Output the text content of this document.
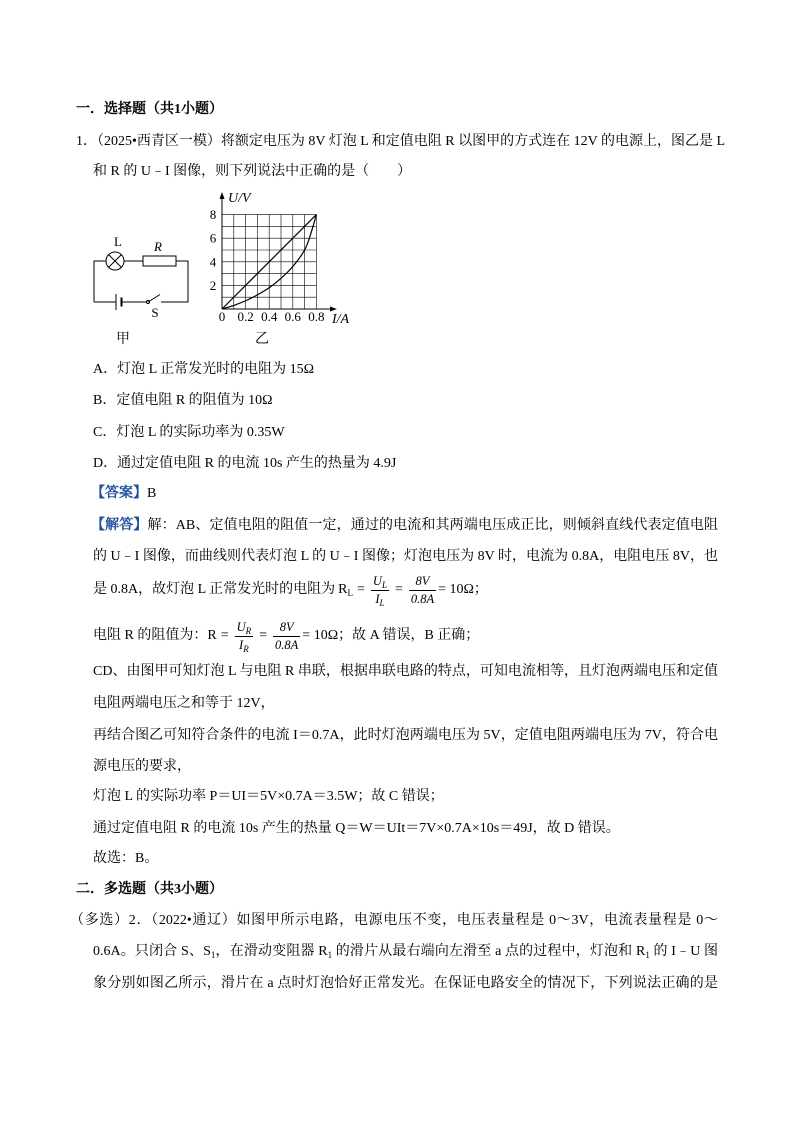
一．选择题（共1小题）
1．（2025•西青区一模）将额定电压为 8V 灯泡 L 和定值电阻 R 以图甲的方式连在 12V 的电源上，图乙是 L
和 R 的 U﹣I 图像，则下列说法中正确的是（　　）
L R
S
甲
U/V
I/A
乙
2
4
6
8
0 0.2 0.4 0.6 0.8
A．灯泡 L 正常发光时的电阻为 15Ω
B．定值电阻 R 的阻值为 10Ω
C．灯泡 L 的实际功率为 0.35W
D．通过定值电阻 R 的电流 10s 产生的热量为 4.9J
【答案】B
【解答】解：AB、定值电阻的阻值一定，通过的电流和其两端电压成正比，则倾斜直线代表定值电阻
的 U﹣I 图像，而曲线则代表灯泡 L 的 U﹣I 图像；灯泡电压为 8V 时，电流为 0.8A，电阻电压 8V，也
是 0.8A，故灯泡 L 正常发光时的电阻为 $R_L = \frac{U_L}{I_L} = \frac{8V}{0.8A} = 10\Omega$；
电阻 R 的阻值为： $R = \frac{U_R}{I_R} = \frac{8V}{0.8A} = 10\Omega$； 故 A 错误，B 正确；
CD、由图甲可知灯泡 L 与电阻 R 串联，根据串联电路的特点，可知电流相等，且灯泡两端电压和定值
电阻两端电压之和等于 12V，
再结合图乙可知符合条件的电流 I＝0.7A，此时灯泡两端电压为 5V，定值电阻两端电压为 7V，符合电
源电压的要求，
灯泡 L 的实际功率 P＝UI＝5V×0.7A＝3.5W；故 C 错误；
通过定值电阻 R 的电流 10s 产生的热量 Q＝W＝UIt＝7V×0.7A×10s＝49J，故 D 错误。
故选：B。
二．多选题（共3小题）
（多选）2．（2022•通辽）如图甲所示电路，电源电压不变，电压表量程是 0～3V，电流表量程是 0～
0.6A。只闭合 S、$S_1$，在滑动变阻器 $R_1$ 的滑片从最右端向左滑至 a 点的过程中，灯泡和 $R_1$ 的 I﹣U 图
象分别如图乙所示，滑片在 a 点时灯泡恰好正常发光。在保证电路安全的情况下，下列说法正确的是
